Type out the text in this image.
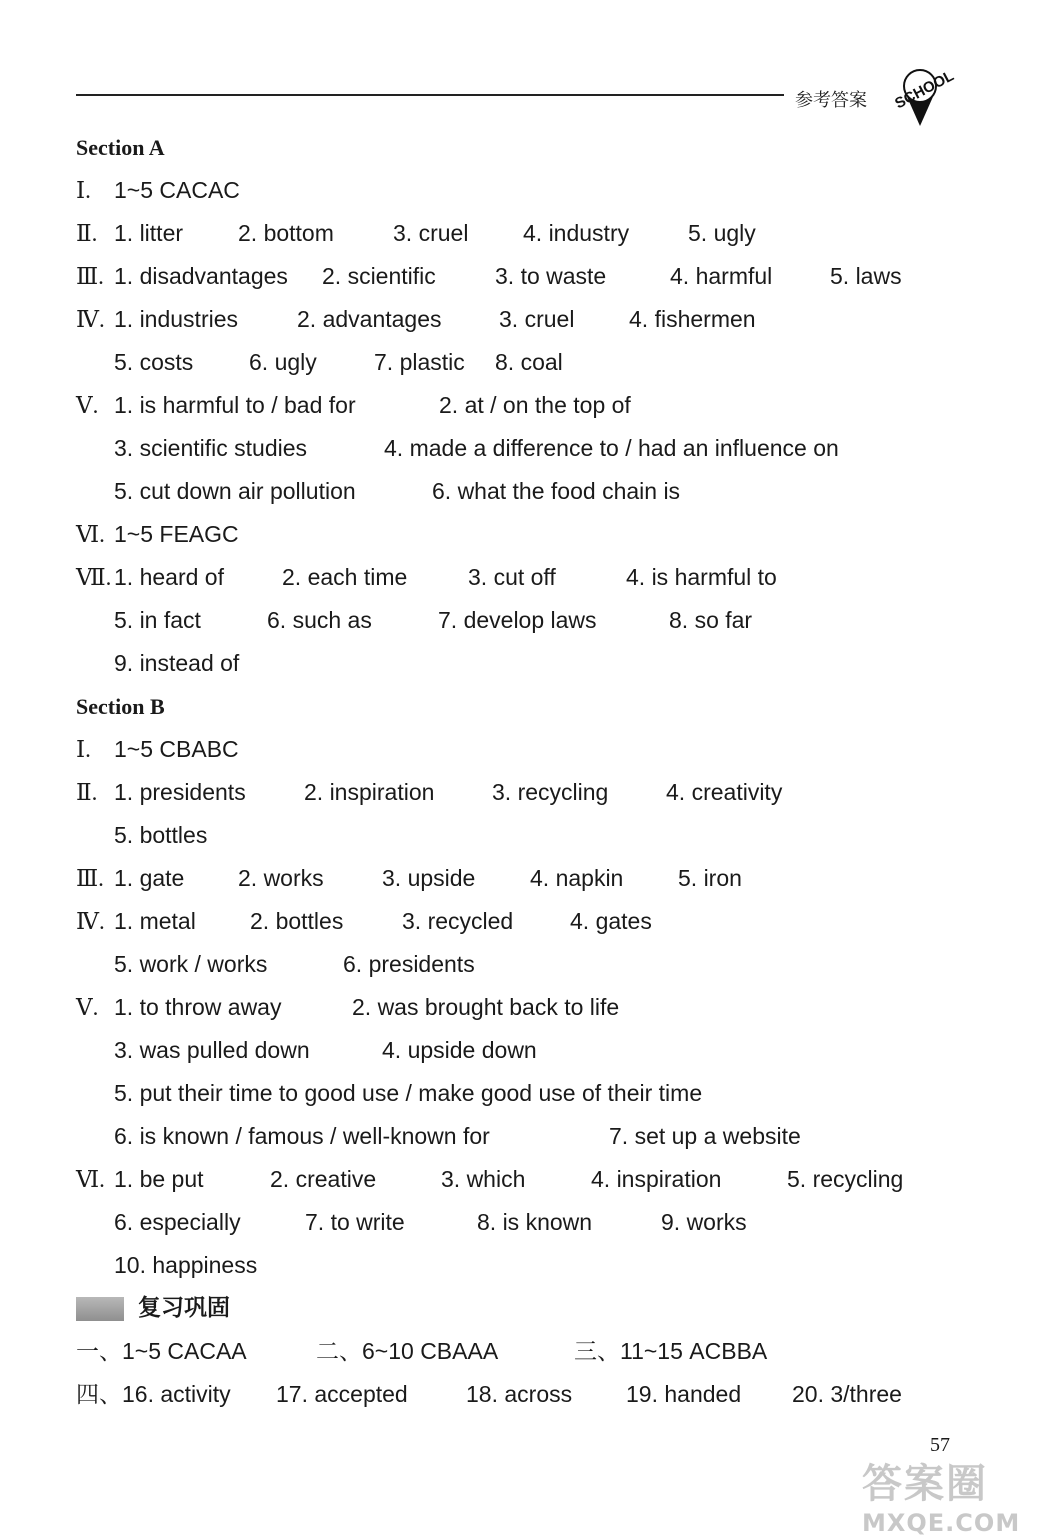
参考答案 SCHOOL
Section A
Ⅰ. 1~5 CACAC
Ⅱ. 1. litter 2. bottom	3. cruel 4. industry	5. ugly
Ⅲ. 1. disadvantages 2. scientific	3. to waste	4. harmful	5. laws
Ⅳ. 1. industries	2. advantages 3. cruel 4. fishermen
5. costs 6. ugly 7. plastic 8. coal
Ⅴ. 1. is harmful to / bad for	2. at / on the top of
3. scientific studies	4. made a difference to / had an influence on
5. cut down air pollution	6. what the food chain is
Ⅵ. 1~5 FEAGC
Ⅶ. 1. heard of	2. each time	3. cut off	4. is harmful to
5. in fact	6. such as	7. develop laws	8. so far
9. instead of
Section B
Ⅰ. 1~5 CBABC
Ⅱ. 1. presidents	2. inspiration	3. recycling	4. creativity
5. bottles
Ⅲ. 1. gate 2. works	3. upside 4. napkin 5. iron
Ⅳ. 1. metal 2. bottles	3. recycled 4. gates
5. work / works	6. presidents
Ⅴ. 1. to throw away	2. was brought back to life
3. was pulled down	4. upside down
5. put their time to good use / make good use of their time
6. is known / famous / well-known for	7. set up a website
Ⅵ. 1. be put	2. creative	3. which	4. inspiration	5. recycling
6. especially	7. to write	8. is known	9. works
10. happiness
复习巩固
一、1~5 CACAA	二、6~10 CBAAA	三、11~15 ACBBA
四、16. activity 17. accepted	18. across 19. handed 20. 3/three
57
答案圈
MXQE.COM
